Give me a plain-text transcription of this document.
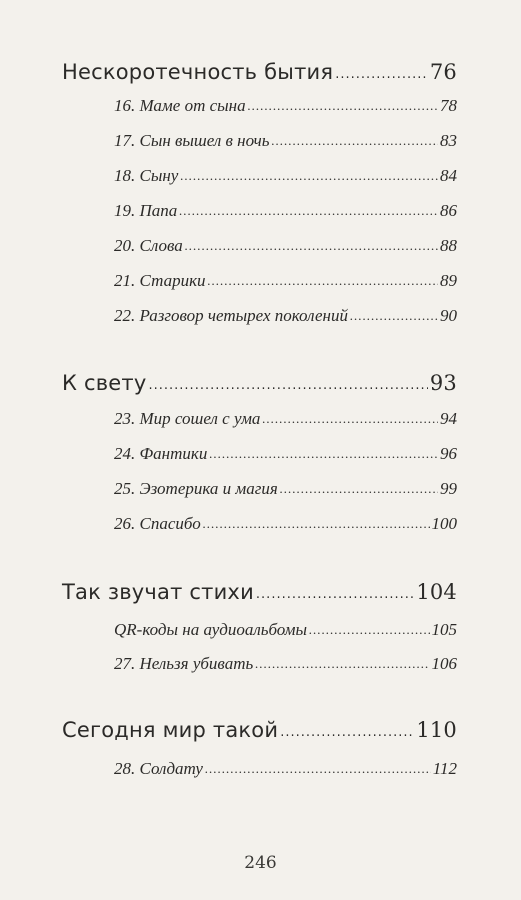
Нескоротечность бытия .....	76
16. Маме от сына .....	78
17. Сын вышел в ночь .....	83
18. Сыну .....	84
19. Папа .....	86
20. Слова .....	88
21. Старики .....	89
22. Разговор четырех поколений .....	90
К свету .....	93
23. Мир сошел с ума .....	94
24. Фантики .....	96
25. Эзотерика и магия .....	99
26. Спасибо .....	100
Так звучат стихи .....	104
QR-коды на аудиоальбомы .....	105
27. Нельзя убивать .....	106
Сегодня мир такой .....	110
28. Солдату .....	112
246
